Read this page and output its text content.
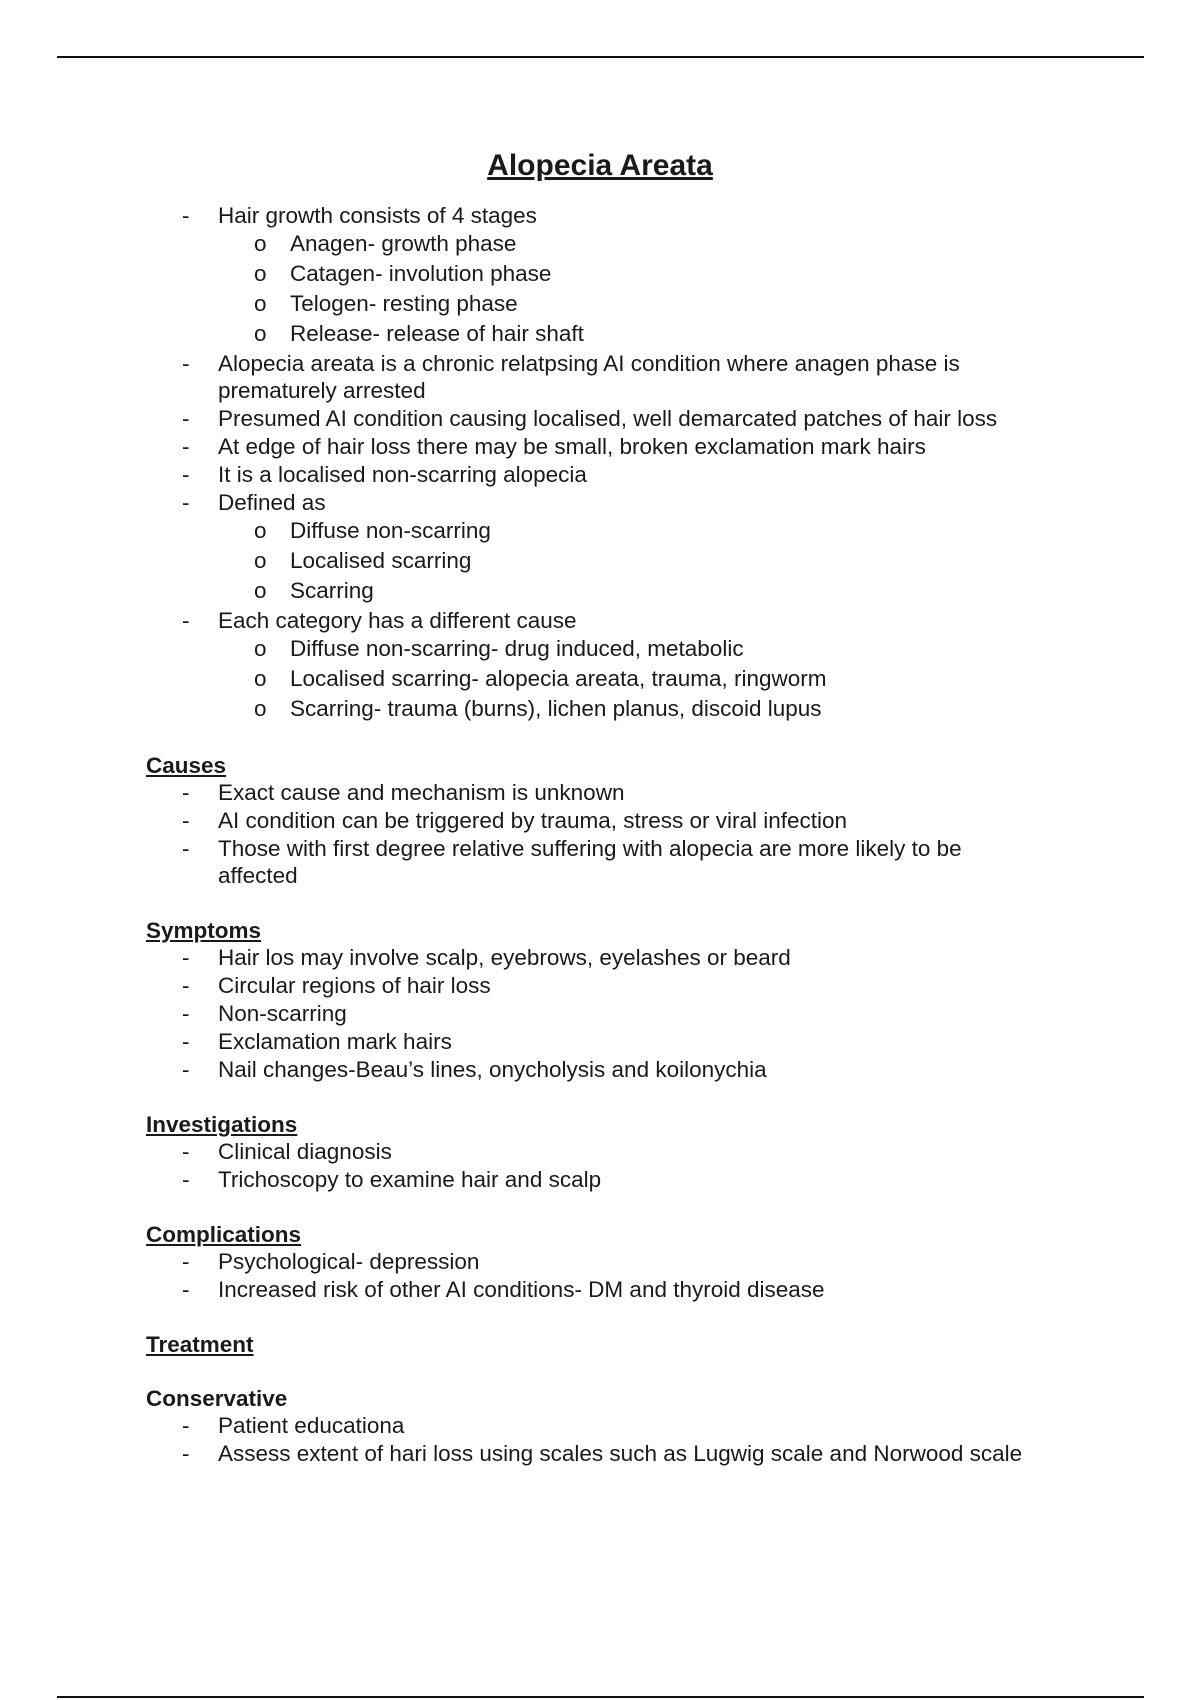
Alopecia Areata
- Hair growth consists of 4 stages
o Anagen- growth phase
o Catagen- involution phase
o Telogen- resting phase
o Release- release of hair shaft
- Alopecia areata is a chronic relatpsing AI condition where anagen phase is prematurely arrested
- Presumed AI condition causing localised, well demarcated patches of hair loss
- At edge of hair loss there may be small, broken exclamation mark hairs
- It is a localised non-scarring alopecia
- Defined as
o Diffuse non-scarring
o Localised scarring
o Scarring
- Each category has a different cause
o Diffuse non-scarring- drug induced, metabolic
o Localised scarring- alopecia areata, trauma, ringworm
o Scarring- trauma (burns), lichen planus, discoid lupus
Causes
- Exact cause and mechanism is unknown
- AI condition can be triggered by trauma, stress or viral infection
- Those with first degree relative suffering with alopecia are more likely to be affected
Symptoms
- Hair los may involve scalp, eyebrows, eyelashes or beard
- Circular regions of hair loss
- Non-scarring
- Exclamation mark hairs
- Nail changes-Beau’s lines, onycholysis and koilonychia
Investigations
- Clinical diagnosis
- Trichoscopy to examine hair and scalp
Complications
- Psychological- depression
- Increased risk of other AI conditions- DM and thyroid disease
Treatment
Conservative
- Patient educationa
- Assess extent of hari loss using scales such as Lugwig scale and Norwood scale
